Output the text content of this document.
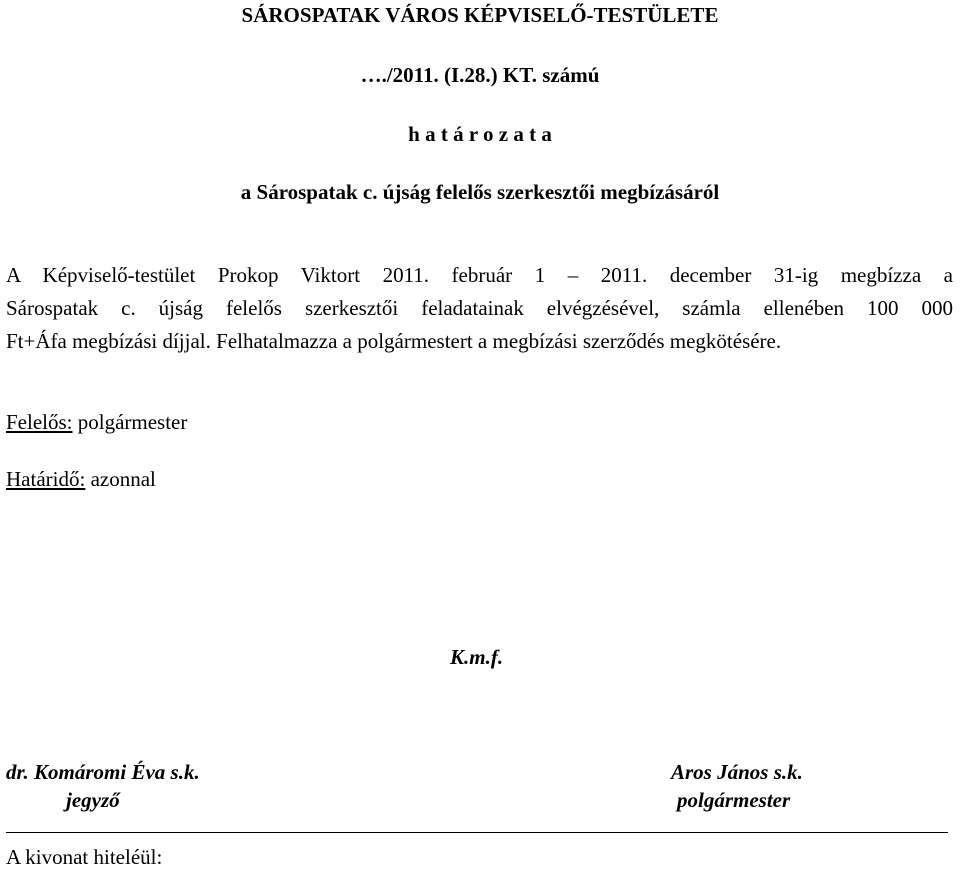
SÁROSPATAK VÁROS KÉPVISELŐ-TESTÜLETE
…./2011. (I.28.) KT. számú
h a t á r o z a t a
a Sárospatak c. újság felelős szerkesztői megbízásáról
A Képviselő-testület Prokop Viktort 2011. február 1 – 2011. december 31-ig megbízza a
Sárospatak c. újság felelős szerkesztői feladatainak elvégzésével, számla ellenében 100 000
Ft+Áfa megbízási díjjal. Felhatalmazza a polgármestert a megbízási szerződés megkötésére.
Felelős: polgármester
Határidő: azonnal
K.m.f.
dr. Komáromi Éva s.k.
jegyző
Aros János s.k.
polgármester
A kivonat hiteléül:
